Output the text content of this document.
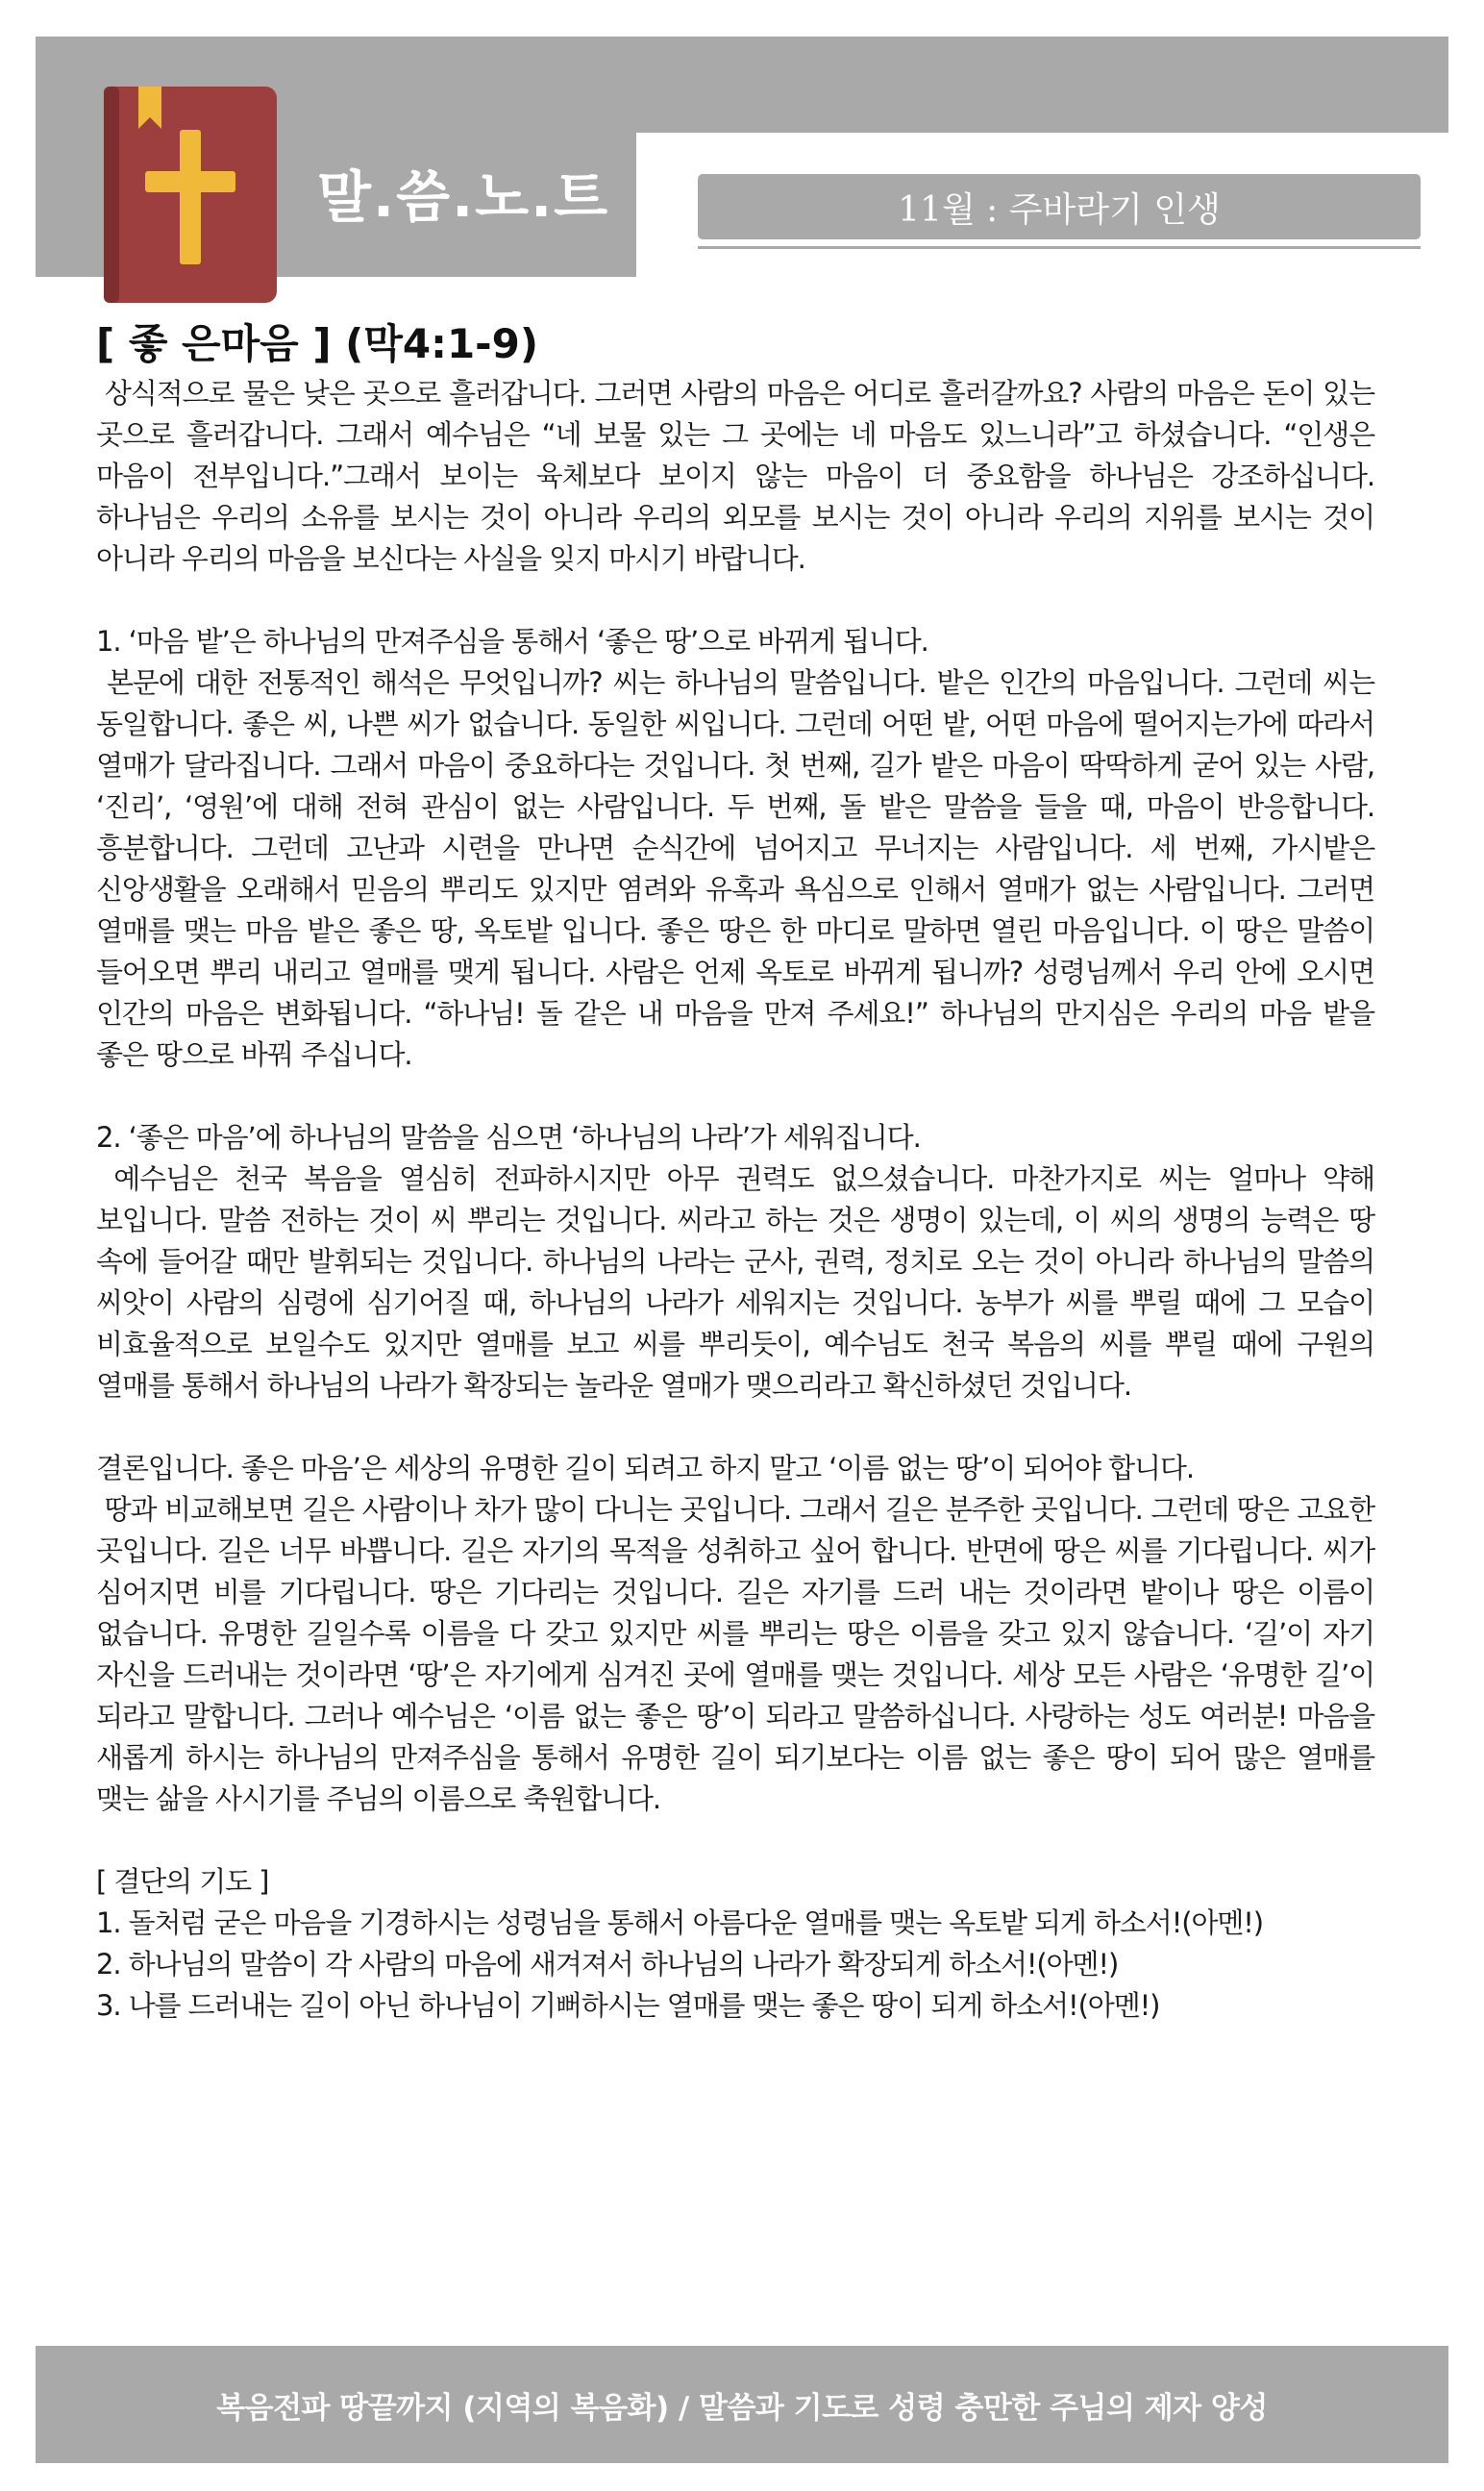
말.씀.노.트	11월 : 주바라기 인생
[ 좋 은마음 ] (막4:1-9)

상식적으로 물은 낮은 곳으로 흘러갑니다. 그러면 사람의 마음은 어디로 흘러갈까요? 사람의 마음은 돈이 있는 곳으로 흘러갑니다. 그래서 예수님은 “네 보물 있는 그 곳에는 네 마음도 있느니라”고 하셨습니다. “인생은 마음이 전부입니다.”그래서 보이는 육체보다 보이지 않는 마음이 더 중요함을 하나님은 강조하십니다. 하나님은 우리의 소유를 보시는 것이 아니라 우리의 외모를 보시는 것이 아니라 우리의 지위를 보시는 것이 아니라 우리의 마음을 보신다는 사실을 잊지 마시기 바랍니다.

1. ‘마음 밭’은 하나님의 만져주심을 통해서 ‘좋은 땅’으로 바뀌게 됩니다.

본문에 대한 전통적인 해석은 무엇입니까? 씨는 하나님의 말씀입니다. 밭은 인간의 마음입니다. 그런데 씨는 동일합니다. 좋은 씨, 나쁜 씨가 없습니다. 동일한 씨입니다. 그런데 어떤 밭, 어떤 마음에 떨어지는가에 따라서 열매가 달라집니다. 그래서 마음이 중요하다는 것입니다. 첫 번째, 길가 밭은 마음이 딱딱하게 굳어 있는 사람, ‘진리’, ‘영원’에 대해 전혀 관심이 없는 사람입니다. 두 번째, 돌 밭은 말씀을 들을 때, 마음이 반응합니다. 흥분합니다. 그런데 고난과 시련을 만나면 순식간에 넘어지고 무너지는 사람입니다. 세 번째, 가시밭은 신앙생활을 오래해서 믿음의 뿌리도 있지만 염려와 유혹과 욕심으로 인해서 열매가 없는 사람입니다. 그러면 열매를 맺는 마음 밭은 좋은 땅, 옥토밭 입니다. 좋은 땅은 한 마디로 말하면 열린 마음입니다. 이 땅은 말씀이 들어오면 뿌리 내리고 열매를 맺게 됩니다. 사람은 언제 옥토로 바뀌게 됩니까? 성령님께서 우리 안에 오시면 인간의 마음은 변화됩니다. “하나님! 돌 같은 내 마음을 만져 주세요!” 하나님의 만지심은 우리의 마음 밭을 좋은 땅으로 바꿔 주십니다.

2. ‘좋은 마음’에 하나님의 말씀을 심으면 ‘하나님의 나라’가 세워집니다.

예수님은 천국 복음을 열심히 전파하시지만 아무 권력도 없으셨습니다. 마찬가지로 씨는 얼마나 약해 보입니다. 말씀 전하는 것이 씨 뿌리는 것입니다. 씨라고 하는 것은 생명이 있는데, 이 씨의 생명의 능력은 땅 속에 들어갈 때만 발휘되는 것입니다. 하나님의 나라는 군사, 권력, 정치로 오는 것이 아니라 하나님의 말씀의 씨앗이 사람의 심령에 심기어질 때, 하나님의 나라가 세워지는 것입니다. 농부가 씨를 뿌릴 때에 그 모습이 비효율적으로 보일수도 있지만 열매를 보고 씨를 뿌리듯이, 예수님도 천국 복음의 씨를 뿌릴 때에 구원의 열매를 통해서 하나님의 나라가 확장되는 놀라운 열매가 맺으리라고 확신하셨던 것입니다.

결론입니다. 좋은 마음’은 세상의 유명한 길이 되려고 하지 말고 ‘이름 없는 땅’이 되어야 합니다.

땅과 비교해보면 길은 사람이나 차가 많이 다니는 곳입니다. 그래서 길은 분주한 곳입니다. 그런데 땅은 고요한 곳입니다. 길은 너무 바쁩니다. 길은 자기의 목적을 성취하고 싶어 합니다. 반면에 땅은 씨를 기다립니다. 씨가 심어지면 비를 기다립니다. 땅은 기다리는 것입니다. 길은 자기를 드러 내는 것이라면 밭이나 땅은 이름이 없습니다. 유명한 길일수록 이름을 다 갖고 있지만 씨를 뿌리는 땅은 이름을 갖고 있지 않습니다. ‘길’이 자기 자신을 드러내는 것이라면 ‘땅’은 자기에게 심겨진 곳에 열매를 맺는 것입니다. 세상 모든 사람은 ‘유명한 길’이 되라고 말합니다. 그러나 예수님은 ‘이름 없는 좋은 땅’이 되라고 말씀하십니다. 사랑하는 성도 여러분! 마음을 새롭게 하시는 하나님의 만져주심을 통해서 유명한 길이 되기보다는 이름 없는 좋은 땅이 되어 많은 열매를 맺는 삶을 사시기를 주님의 이름으로 축원합니다.

[ 결단의 기도 ]

1. 돌처럼 굳은 마음을 기경하시는 성령님을 통해서 아름다운 열매를 맺는 옥토밭 되게 하소서!(아멘!)

2. 하나님의 말씀이 각 사람의 마음에 새겨져서 하나님의 나라가 확장되게 하소서!(아멘!)

3. 나를 드러내는 길이 아닌 하나님이 기뻐하시는 열매를 맺는 좋은 땅이 되게 하소서!(아멘!)

복음전파 땅끝까지 (지역의 복음화) / 말씀과 기도로 성령 충만한 주님의 제자 양성
